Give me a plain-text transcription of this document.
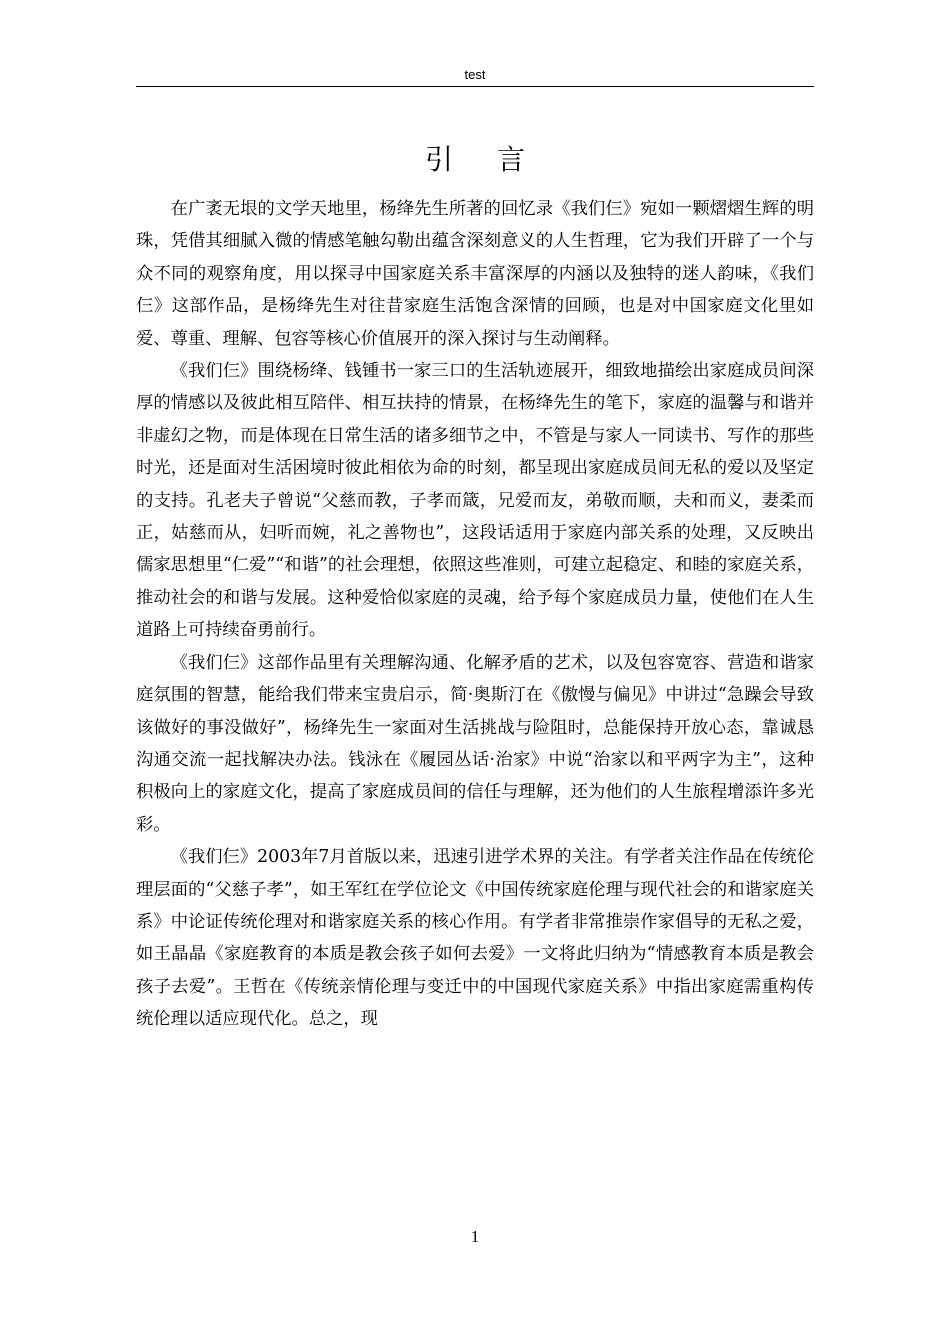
test
引言

在广袤无垠的文学天地里，杨绛先生所著的回忆录《我们仨》宛如一颗熠熠生辉的明珠，凭借其细腻入微的情感笔触勾勒出蕴含深刻意义的人生哲理，它为我们开辟了一个与众不同的观察角度，用以探寻中国家庭关系丰富深厚的内涵以及独特的迷人韵味，《我们仨》这部作品，是杨绛先生对往昔家庭生活饱含深情的回顾，也是对中国家庭文化里如爱、尊重、理解、包容等核心价值展开的深入探讨与生动阐释。

《我们仨》围绕杨绛、钱锺书一家三口的生活轨迹展开，细致地描绘出家庭成员间深厚的情感以及彼此相互陪伴、相互扶持的情景，在杨绛先生的笔下，家庭的温馨与和谐并非虚幻之物，而是体现在日常生活的诸多细节之中，不管是与家人一同读书、写作的那些时光，还是面对生活困境时彼此相依为命的时刻，都呈现出家庭成员间无私的爱以及坚定的支持。孔老夫子曾说“父慈而教，子孝而箴，兄爱而友，弟敬而顺，夫和而义，妻柔而正，姑慈而从，妇听而婉，礼之善物也”，这段话适用于家庭内部关系的处理，又反映出儒家思想里“仁爱”“和谐”的社会理想，依照这些准则，可建立起稳定、和睦的家庭关系，推动社会的和谐与发展。这种爱恰似家庭的灵魂，给予每个家庭成员力量，使他们在人生道路上可持续奋勇前行。

《我们仨》这部作品里有关理解沟通、化解矛盾的艺术，以及包容宽容、营造和谐家庭氛围的智慧，能给我们带来宝贵启示，简·奥斯汀在《傲慢与偏见》中讲过“急躁会导致该做好的事没做好”，杨绛先生一家面对生活挑战与险阻时，总能保持开放心态，靠诚恳沟通交流一起找解决办法。钱泳在《履园丛话·治家》中说“治家以和平两字为主”，这种积极向上的家庭文化，提高了家庭成员间的信任与理解，还为他们的人生旅程增添许多光彩。

《我们仨》2003年7月首版以来，迅速引进学术界的关注。有学者关注作品在传统伦理层面的“父慈子孝”，如王军红在学位论文《中国传统家庭伦理与现代社会的和谐家庭关系》中论证传统伦理对和谐家庭关系的核心作用。有学者非常推崇作家倡导的无私之爱，如王晶晶《家庭教育的本质是教会孩子如何去爱》一文将此归纳为“情感教育本质是教会孩子去爱”。王哲在《传统亲情伦理与变迁中的中国现代家庭关系》中指出家庭需重构传统伦理以适应现代化。总之，现

1
